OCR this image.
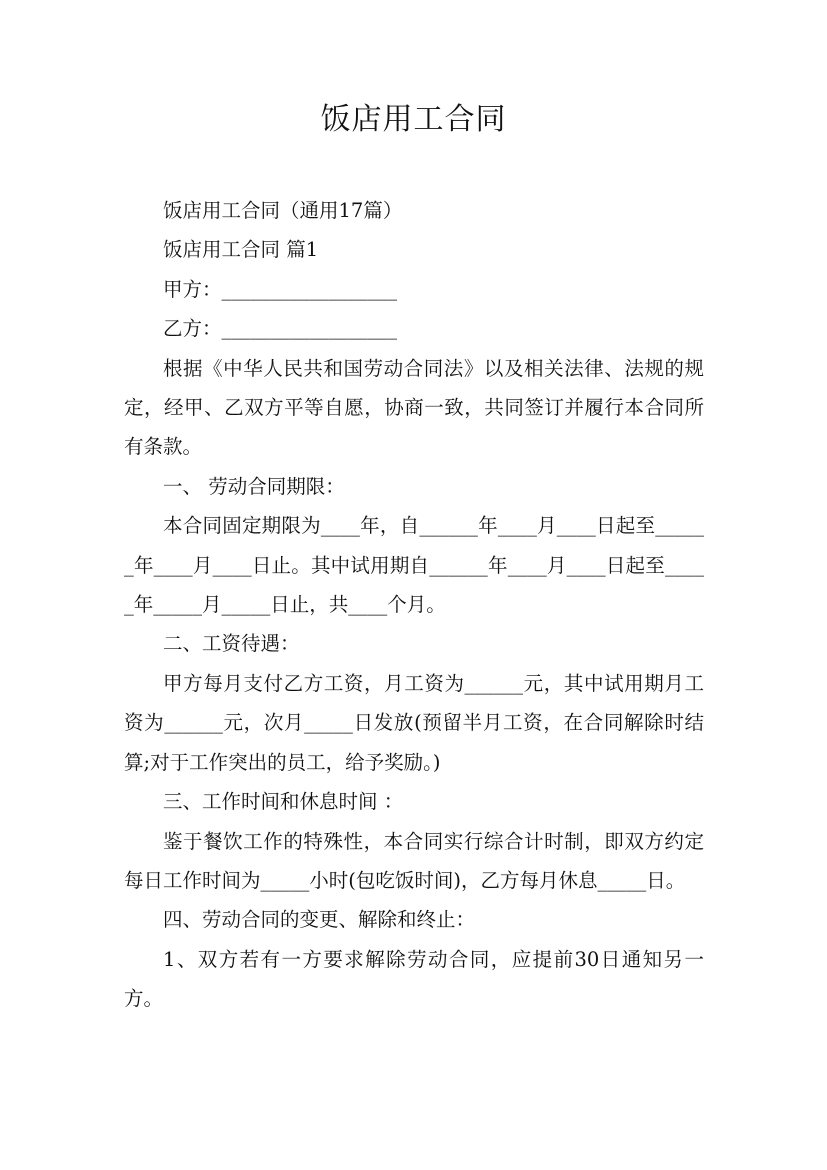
饭店用工合同

饭店用工合同（通用17篇）

饭店用工合同 篇1

甲方：__________________

乙方：__________________

根据《中华人民共和国劳动合同法》以及相关法律、法规的规定，经甲、乙双方平等自愿，协商一致，共同签订并履行本合同所有条款。

一、 劳动合同期限：

本合同固定期限为____年，自______年____月____日起至______年____月____日止。其中试用期自______年____月____日起至_____年_____月_____日止，共____个月。

二、工资待遇：

甲方每月支付乙方工资，月工资为______元，其中试用期月工资为______元，次月_____日发放(预留半月工资，在合同解除时结算;对于工作突出的员工，给予奖励。)

三、工作时间和休息时间 ：

鉴于餐饮工作的特殊性，本合同实行综合计时制，即双方约定每日工作时间为_____小时(包吃饭时间)，乙方每月休息_____日。

四、劳动合同的变更、解除和终止：

1、双方若有一方要求解除劳动合同，应提前30日通知另一方。
